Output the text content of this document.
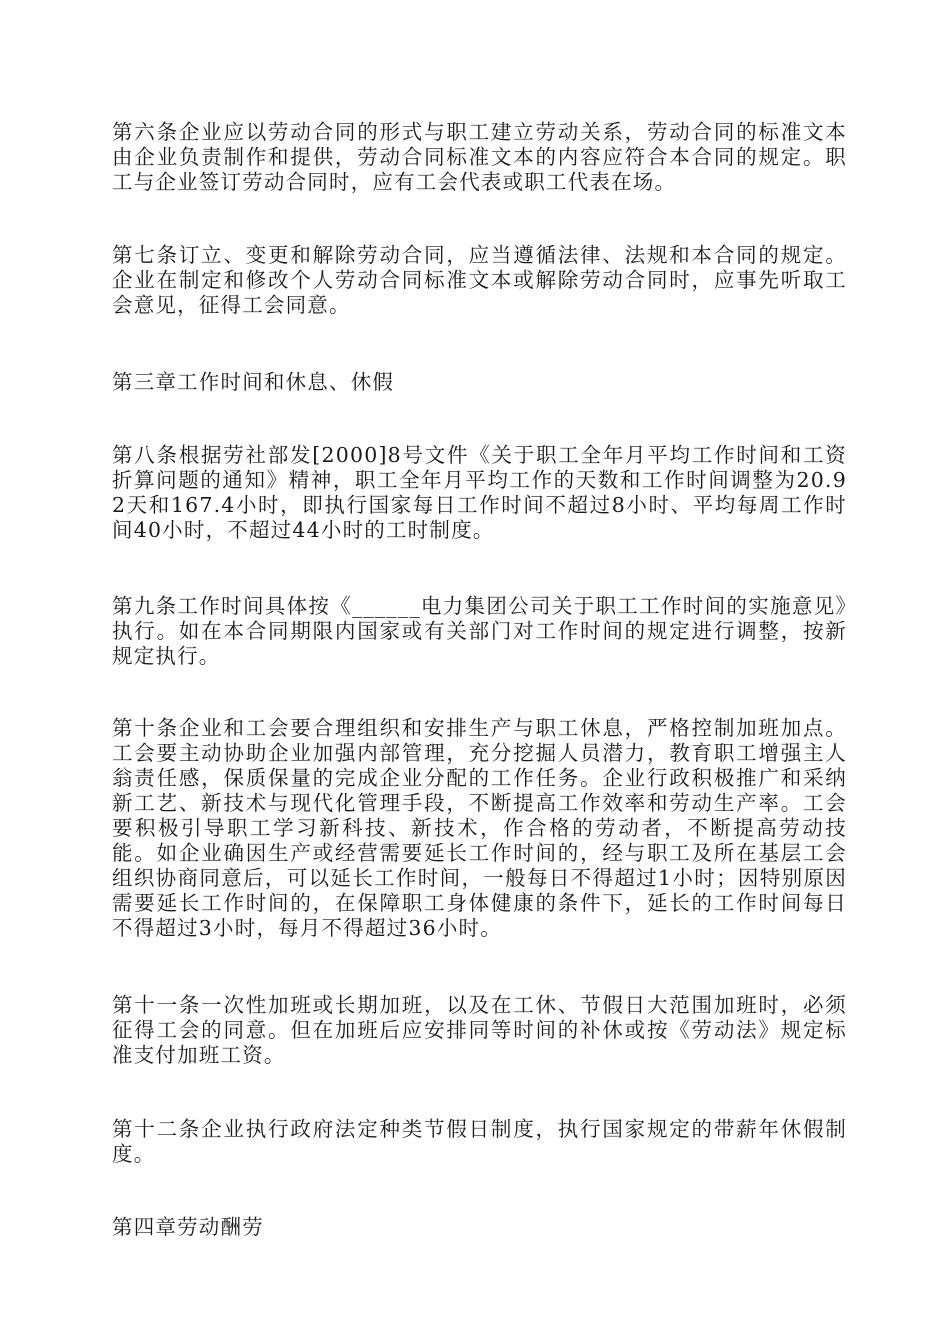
第六条企业应以劳动合同的形式与职工建立劳动关系，劳动合同的标准文本由企业负责制作和提供，劳动合同标准文本的内容应符合本合同的规定。职工与企业签订劳动合同时，应有工会代表或职工代表在场。

第七条订立、变更和解除劳动合同，应当遵循法律、法规和本合同的规定。企业在制定和修改个人劳动合同标准文本或解除劳动合同时，应事先听取工会意见，征得工会同意。

第三章工作时间和休息、休假

第八条根据劳社部发[2000]8号文件《关于职工全年月平均工作时间和工资折算问题的通知》精神，职工全年月平均工作的天数和工作时间调整为20.92天和167.4小时，即执行国家每日工作时间不超过8小时、平均每周工作时间40小时，不超过44小时的工时制度。

第九条工作时间具体按《______电力集团公司关于职工工作时间的实施意见》执行。如在本合同期限内国家或有关部门对工作时间的规定进行调整，按新规定执行。

第十条企业和工会要合理组织和安排生产与职工休息，严格控制加班加点。工会要主动协助企业加强内部管理，充分挖掘人员潜力，教育职工增强主人翁责任感，保质保量的完成企业分配的工作任务。企业行政积极推广和采纳新工艺、新技术与现代化管理手段，不断提高工作效率和劳动生产率。工会要积极引导职工学习新科技、新技术，作合格的劳动者，不断提高劳动技能。如企业确因生产或经营需要延长工作时间的，经与职工及所在基层工会组织协商同意后，可以延长工作时间，一般每日不得超过1小时；因特别原因需要延长工作时间的，在保障职工身体健康的条件下，延长的工作时间每日不得超过3小时，每月不得超过36小时。

第十一条一次性加班或长期加班，以及在工休、节假日大范围加班时，必须征得工会的同意。但在加班后应安排同等时间的补休或按《劳动法》规定标准支付加班工资。

第十二条企业执行政府法定种类节假日制度，执行国家规定的带薪年休假制度。

第四章劳动酬劳
